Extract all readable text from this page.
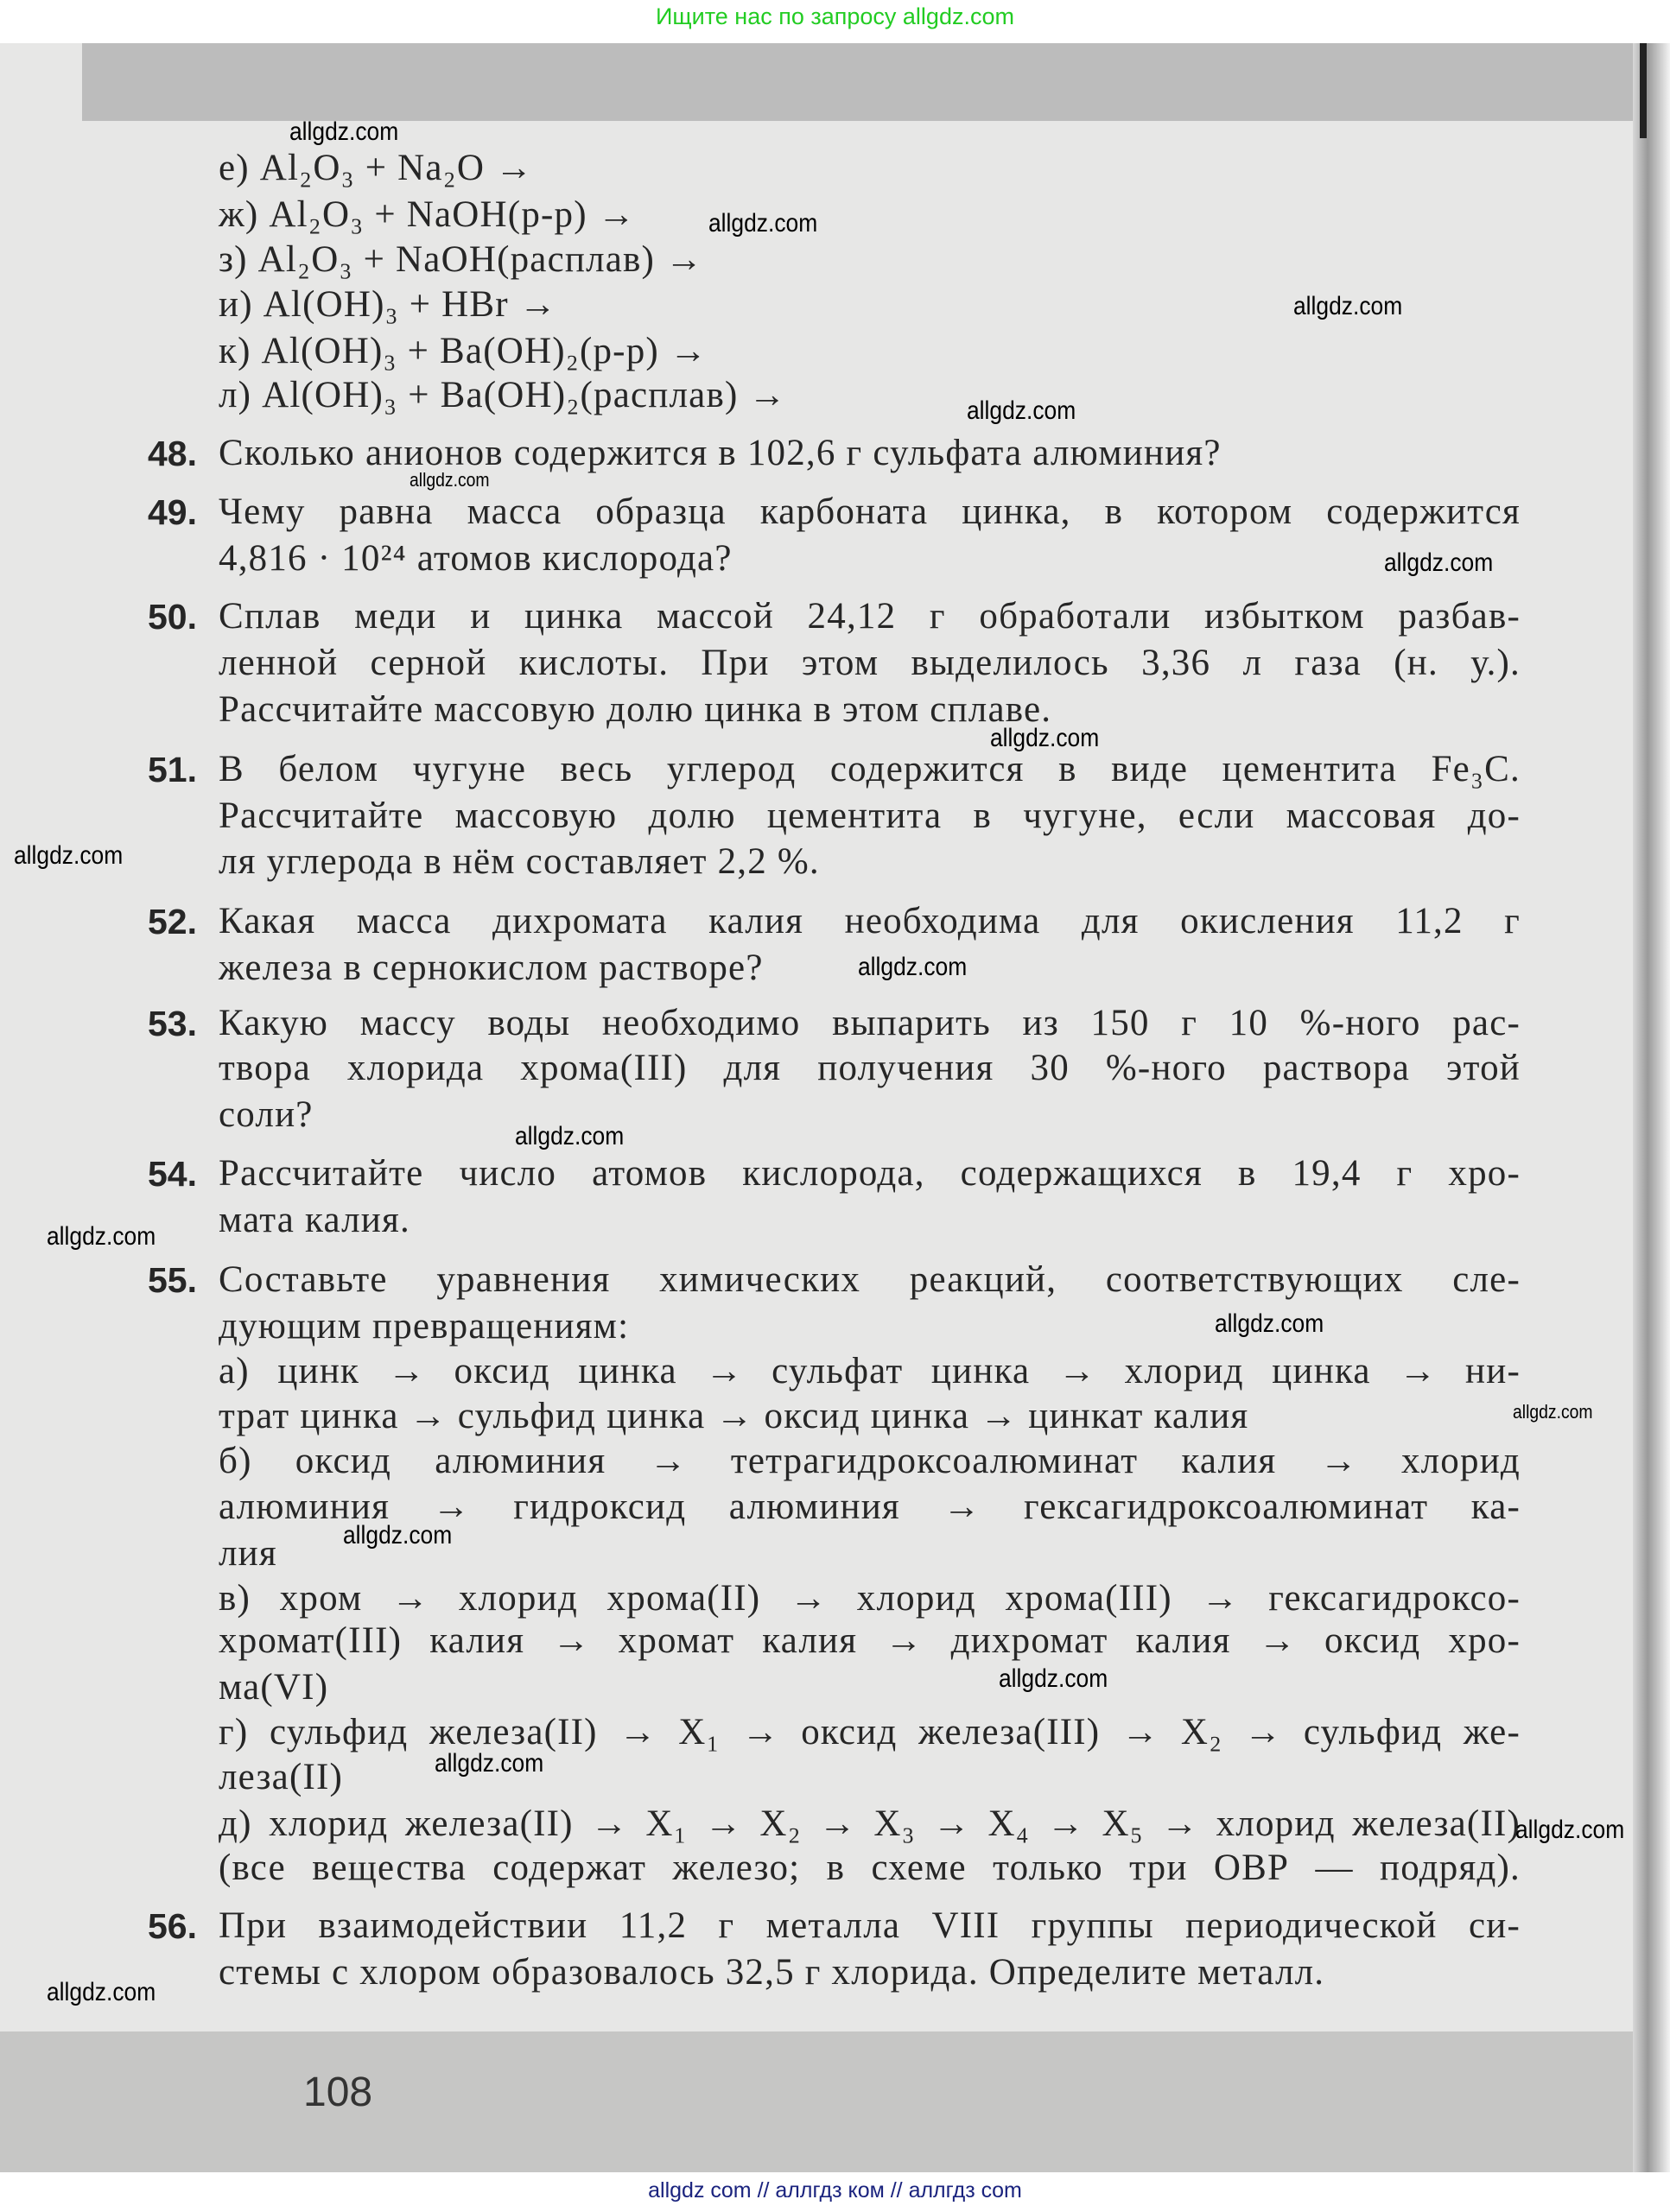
Ищите нас по запросу allgdz.com
е) Al₂O₃ + Na₂O →
ж) Al₂O₃ + NaOH(р-р) →
з) Al₂O₃ + NaOH(расплав) →
и) Al(OH)₃ + HBr →
к) Al(OH)₃ + Ba(OH)₂(р-р) →
л) Al(OH)₃ + Ba(OH)₂(расплав) →
48. Сколько анионов содержится в 102,6 г сульфата алюминия?
49. Чему равна масса образца карбоната цинка, в котором содержится
4,816 · 10²⁴ атомов кислорода?
50. Сплав меди и цинка массой 24,12 г обработали избытком разбав-
ленной серной кислоты. При этом выделилось 3,36 л газа (н. у.).
Рассчитайте массовую долю цинка в этом сплаве.
51. В белом чугуне весь углерод содержится в виде цементита Fe₃C.
Рассчитайте массовую долю цементита в чугуне, если массовая до-
ля углерода в нём составляет 2,2 %.
52. Какая масса дихромата калия необходима для окисления 11,2 г
железа в сернокислом растворе?
53. Какую массу воды необходимо выпарить из 150 г 10 %-ного рас-
твора хлорида хрома(III) для получения 30 %-ного раствора этой
соли?
54. Рассчитайте число атомов кислорода, содержащихся в 19,4 г хро-
мата калия.
55. Составьте уравнения химических реакций, соответствующих сле-
дующим превращениям:
а) цинк → оксид цинка → сульфат цинка → хлорид цинка → ни-
трат цинка → сульфид цинка → оксид цинка → цинкат калия
б) оксид алюминия → тетрагидроксоалюминат калия → хлорид
алюминия → гидроксид алюминия → гексагидроксоалюминат ка-
лия
в) хром → хлорид хрома(II) → хлорид хрома(III) → гексагидроксо-
хромат(III) калия → хромат калия → дихромат калия → оксид хро-
ма(VI)
г) сульфид железа(II) → X₁ → оксид железа(III) → X₂ → сульфид же-
леза(II)
д) хлорид железа(II) → X₁ → X₂ → X₃ → X₄ → X₅ → хлорид железа(II)
(все вещества содержат железо; в схеме только три ОВР — подряд).
56. При взаимодействии 11,2 г металла VIII группы периодической си-
стемы с хлором образовалось 32,5 г хлорида. Определите металл.
108
allgdz.com
allgdz.com
allgdz.com
allgdz.com
allgdz.com
allgdz.com
allgdz.com
allgdz.com
allgdz.com
allgdz.com
allgdz.com
allgdz.com
allgdz.com
allgdz.com
allgdz.com
allgdz.com
allgdz.com
allgdz.com
allgdz com // аллгдз ком // аллгдз com
